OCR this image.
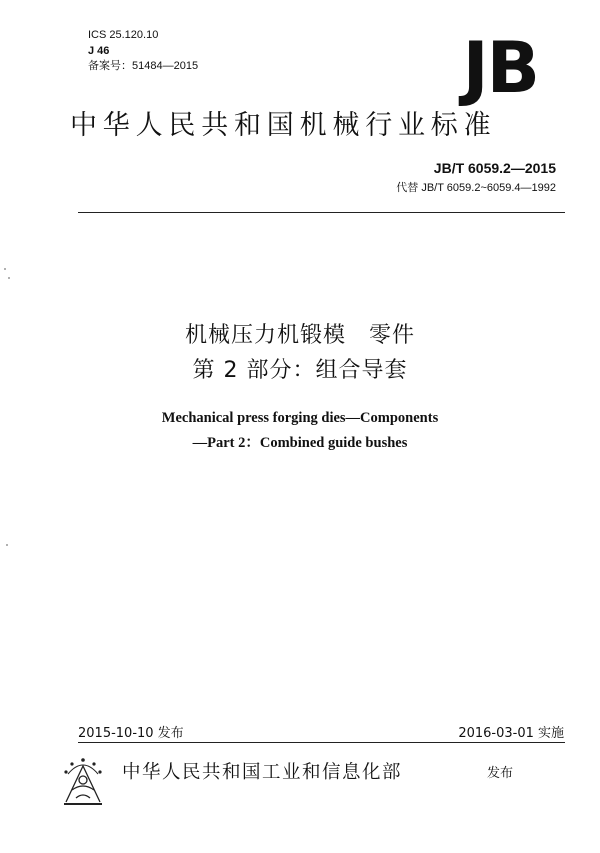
ICS 25.120.10
J 46
备案号：51484—2015	JB
中华人民共和国机械行业标准
JB/T 6059.2—2015
代替 JB/T 6059.2~6059.4—1992
机械压力机锻模　零件
第 2 部分：组合导套
Mechanical press forging dies—Components
—Part 2：Combined guide bushes
2015-10-10 发布	2016-03-01 实施
中华人民共和国工业和信息化部	发布
